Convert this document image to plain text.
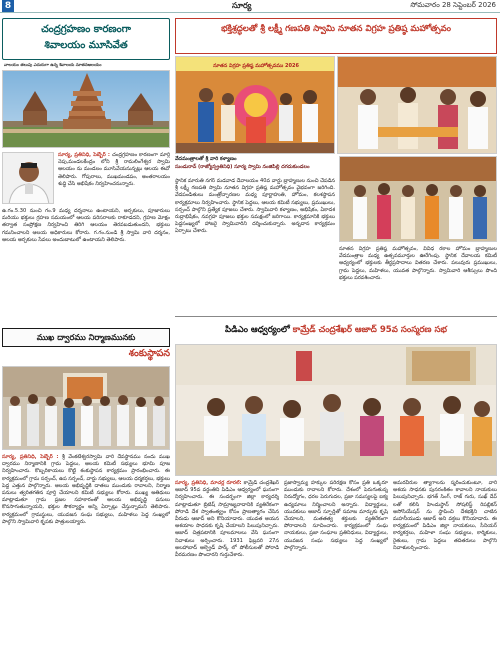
8	సూర్య	సోమవారం 28 సెప్టెంబర్ 2026
చంద్రగ్రహణం కారణంగా
శివాలయం మూసివేత
వాలయం తలుపు ఎదురుగా ఉన్న శివాలయ నూతనఆలయం
సూర్య, ప్రతినిధి, పెబ్బేర్ : చంద్రగ్రహణం కారణంగా మార్గి నెపు,మండలకేంద్రం లోని శ్రీ రామలింగేశ్వర స్వామి ఆలయం ను మండలం మూసివేయనున్నట్లు ఆలయ ఈవో తెలిపారు. గోపురాలు, ముఖమండపం, అంతరాలయం శుద్ధి చేసి అభిషేకం నిర్వహించనున్నారు.
ఉ.గం.5.30 నుంచి గం.9 మధ్య దర్శనాలు ఉంటాయని, అర్చకులు, పూజారులు మరియు భక్తులు గ్రహణ సమయంలో ఆలయ పరిసరాలకు రాకూడదని, గ్రహణ మోక్షం తర్వాత సంప్రోక్షణ నిర్వహించి తిరిగి ఆలయం తెరవబడుతుందని, భక్తులు గమనించాలని ఆలయ అధికారులు కోరారు. గ.గం.నుండి శ్రీ స్వామి వారి దర్శనం, ఆలయ అర్చకులు సేవలు అందుబాటులో ఉంటాయని తెలిపారు.
ముఖ ద్వారము నిర్మాణమునకు
శంకుస్థాపన
సూర్య, ప్రతినిధి, పెబ్బేర్ : శ్రీ వేంకటేశ్వరస్వామి వారి దేవస్థానము నందు ముఖ ద్వారము నిర్మాణానికి గ్రామ పెద్దలు, ఆలయ కమిటీ సభ్యులు భూమి పూజ నిర్వహించారు. కొబ్బరికాయలు కొట్టి శంకుస్థాపన కార్యక్రమం ప్రారంభించారు. ఈ కార్యక్రమంలో గ్రామ సర్పంచ్, ఉప సర్పంచ్, వార్డు సభ్యులు, ఆలయ ధర్మకర్తలు, భక్తులు పెద్ద ఎత్తున పాల్గొన్నారు. ఆలయ అభివృద్ధికి దాతలు ముందుకు రావాలని, నిర్మాణ పనులు త్వరితగతిన పూర్తి చేయాలని కమిటీ సభ్యులు కోరారు. ముఖ్య అతిథులు మాట్లాడుతూ గ్రామ ప్రజల సహకారంతో ఆలయ అభివృద్ధి పనులు కొనసాగుతున్నాయని, భక్తుల సౌకర్యార్థం అన్ని ఏర్పాట్లు చేస్తున్నామని తెలిపారు. కార్యక్రమంలో గ్రామస్థులు, యువజన సంఘ సభ్యులు, మహిళలు పెద్ద సంఖ్యలో పాల్గొని స్వామివారి కృపకు పాత్రులయ్యారు.
భక్తిశ్రద్ధలతో శ్రీ లక్ష్మీ గణపతి స్వామి నూతన విగ్రహ ప్రతిష్ఠ మహోత్సవం
నూతన విగ్రహ ప్రతిష్ఠ మహోత్సవము 2026
వేదమంత్రాలతో శ్రీ వారి కళ్యాణం
సుండురావ్ (రాజ్యోన్ప్రతినిధి) సూర్య స్వామి నంజిపిల్లి దగదుకుండలం
స్థానిక మారుతి నగర్ మడవాడ దేవాలయం 40వ వార్డు బ్రాహ్మణుల నుంచి చేపడిన శ్రీ లక్ష్మీ గణపతి స్వామి నూతన విగ్రహ ప్రతిష్ఠ మహోత్సవం వైభవంగా జరిగింది. వేదపండితులు మంత్రోచ్ఛారణల మధ్య పూర్ణాహుతి, హోమం, కలశస్థాపన కార్యక్రమాలు నిర్వహించారు. స్థానిక పెద్దలు, ఆలయ కమిటీ సభ్యులు, ప్రముఖులు, సర్పంచ్ పాల్గొని ప్రత్యేక పూజలు చేశారు. స్వామివారి కళ్యాణం, అభిషేకం, ఏకాదశ రుద్రాభిషేకం, నవగ్రహ పూజలు భక్తుల సమక్షంలో జరిగాయి. కార్యక్రమానికి భక్తులు పెద్దసంఖ్యలో హాజరై స్వామివారిని దర్శించుకున్నారు. అన్నదాన కార్యక్రమం ఏర్పాటు చేశారు.
నూతన విగ్రహ ప్రతిష్ఠ మహోత్సవం, వివిధ రకాల హోమం బ్రాహ్మణుల వేదమంత్రాల మధ్య ఉత్సవమూర్తుల ఊరేగింపు. స్థానిక దేవాలయ కమిటీ ఆధ్వర్యంలో భక్తులకు తీర్థప్రసాదాలు వితరణ చేశారు. పలువురు ప్రముఖులు, గ్రామ పెద్దలు, మహిళలు, యువత పాల్గొన్నారు. స్వామివారి ఆశీస్సులు పొంది భక్తులు పరవశించారు.
పిడిఎం ఆధ్వర్యంలో కామ్రేడ్ చంద్రశేఖర్ ఆజాద్ 95వ సంస్మరణ సభ
సూర్య, ప్రతినిధి, మాచర్ల రూరల్: కామ్రేడ్ చంద్రశేఖర్ ఆజాద్ 95వ వర్ధంతిని పిడిఎం ఆధ్వర్యంలో ఘనంగా నిర్వహించారు. ఈ సందర్భంగా జిల్లా కార్యదర్శి మాట్లాడుతూ బ్రిటిష్ సామ్రాజ్యవాదానికి వ్యతిరేకంగా పోరాడి దేశ స్వాతంత్య్రం కోసం ప్రాణత్యాగం చేసిన వీరుడు ఆజాద్ అని కొనియాడారు. యువత ఆయన ఆశయాల సాధనకు కృషి చేయాలని పిలుపునిచ్చారు. ఆజాద్ చిత్రపటానికి పూలమాలలు వేసి ఘనంగా నివాళులు అర్పించారు. 1931 ఫిబ్రవరి 27న అలహాబాద్ ఆల్ఫ్రెడ్ పార్క్ లో పోలీసులతో పోరాడి వీరమరణం పొందారని గుర్తుచేశారు.
ప్రజాస్వామ్య హక్కుల పరిరక్షణ కోసం ప్రతి ఒక్కరూ ముందుకు రావాలని కోరారు. దేశంలో పెరుగుతున్న నిరుద్యోగం, ధరల పెరుగుదల, ప్రజా సమస్యలపై ఐక్య ఉద్యమాలు నిర్మించాలని అన్నారు. విద్యార్థులు, యువకులు ఆజాద్ స్ఫూర్తితో సమాజ మార్పుకు కృషి చేయాలని, మతతత్వ శక్తులకు వ్యతిరేకంగా పోరాడాలని సూచించారు. కార్యక్రమంలో సంఘ నాయకులు, ప్రజా సంఘాల ప్రతినిధులు, విద్యార్థులు, యువజన సంఘ సభ్యులు పెద్ద సంఖ్యలో పాల్గొన్నారు.
అమరవీరుల త్యాగాలను స్మరించుకుంటూ, వారి ఆశయ సాధనకు పునరంకితం కావాలని నాయకులు పిలుపునిచ్చారు. భగత్ సింగ్, రాజ్ గురు, సుఖ్ దేవ్ లతో కలిసి హిందుస్థాన్ సోషలిస్ట్ రిపబ్లికన్ అసోసియేషన్ ను స్థాపించి దేశభక్తిని చాటిన మహనీయుడు ఆజాద్ అని వక్తలు కొనియాడారు. ఈ కార్యక్రమంలో పిడిఎం జిల్లా నాయకులు, సీనియర్ కార్యకర్తలు, మహిళా సంఘ సభ్యులు, కార్మికులు, రైతులు, గ్రామ పెద్దలు తదితరులు పాల్గొని నివాళులర్పించారు.
